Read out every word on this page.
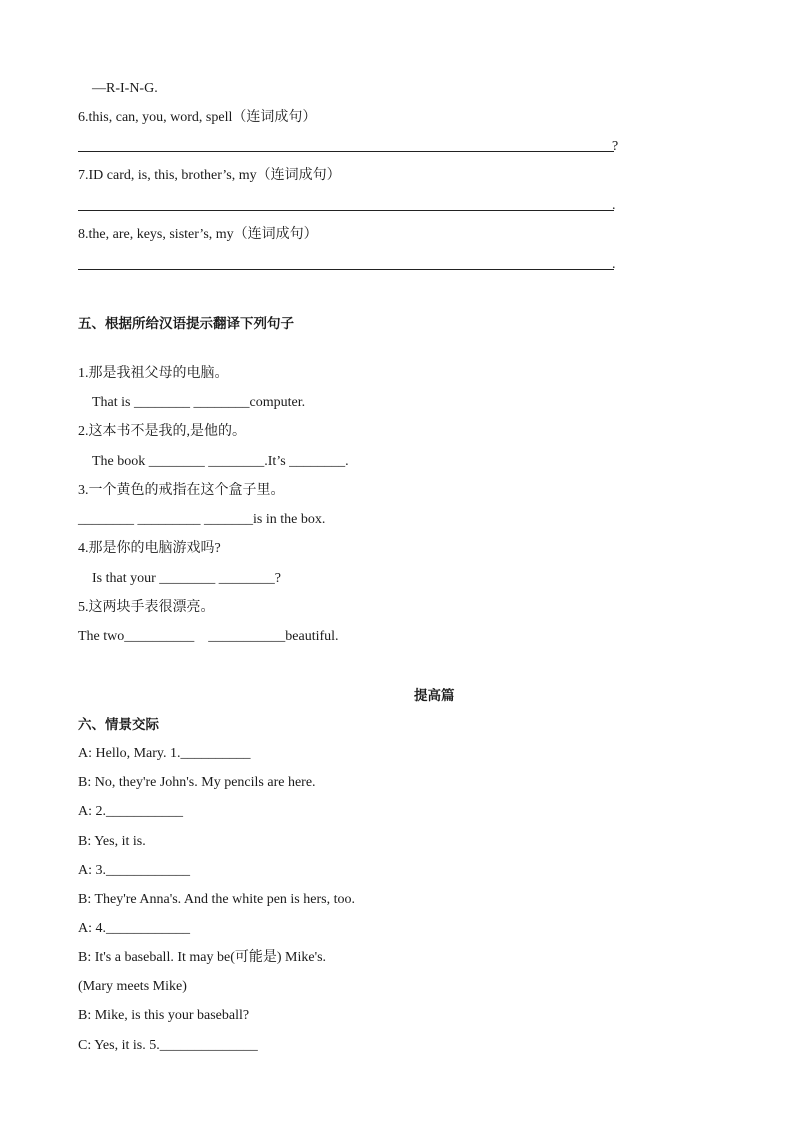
—R-I-N-G.
6.this, can, you, word, spell（连词成句）
?
7.ID card, is, this, brother’s, my（连词成句）
.
8.the, are, keys, sister’s, my（连词成句）
.
五、根据所给汉语提示翻译下列句子
1.那是我祖父母的电脑。
That is ________ ________computer.
2.这本书不是我的,是他的。
The book ________ ________.It’s ________.
3.一个黄色的戒指在这个盒子里。
________ _________ _______is in the box.
4.那是你的电脑游戏吗?
Is that your ________ ________?
5.这两块手表很漂亮。
The two__________    ___________beautiful.
提高篇
六、情景交际
A: Hello, Mary. 1.__________
B: No, they're John's. My pencils are here.
A: 2.___________
B: Yes, it is.
A: 3.____________
B: They're Anna's. And the white pen is hers, too.
A: 4.____________
B: It's a baseball. It may be(可能是) Mike's.
(Mary meets Mike)
B: Mike, is this your baseball?
C: Yes, it is. 5.______________
